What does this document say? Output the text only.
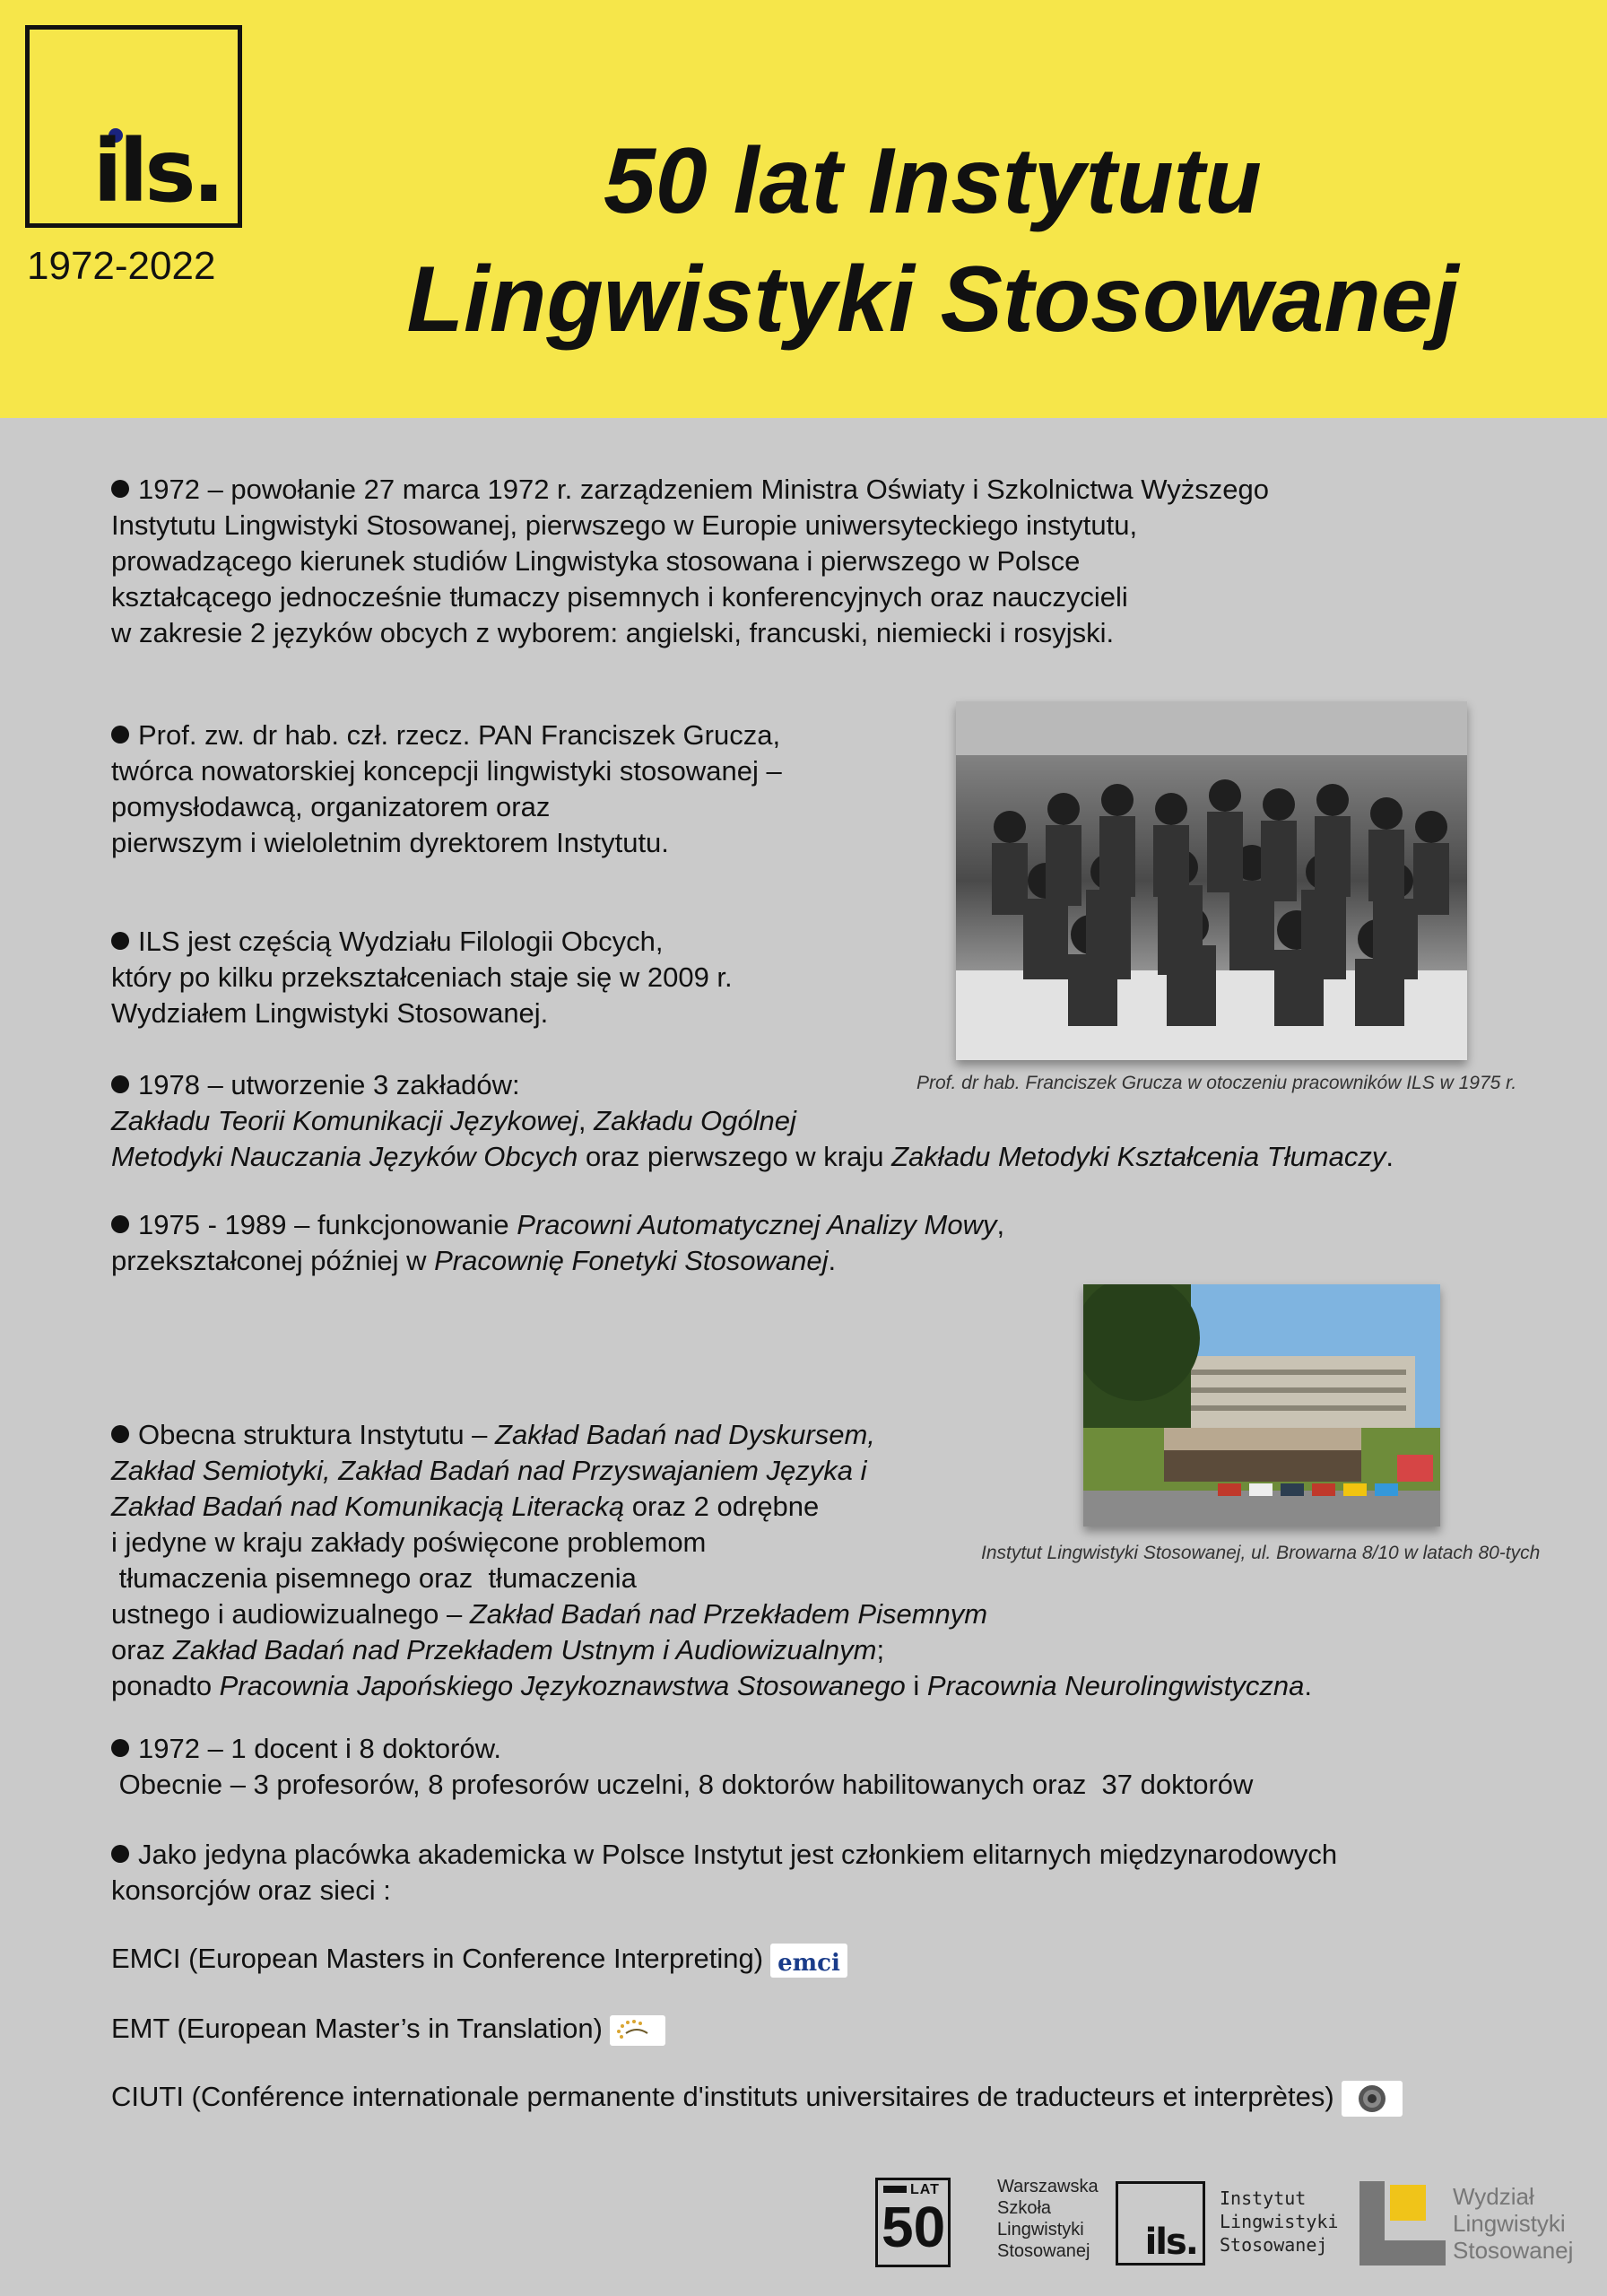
ils.
1972-2022
50 lat Instytutu
Lingwistyki Stosowanej
1972 – powołanie 27 marca 1972 r. zarządzeniem Ministra Oświaty i Szkolnictwa Wyższego
Instytutu Lingwistyki Stosowanej, pierwszego w Europie uniwersyteckiego instytutu,
prowadzącego kierunek studiów Lingwistyka stosowana i pierwszego w Polsce
kształcącego jednocześnie tłumaczy pisemnych i konferencyjnych oraz nauczycieli
w zakresie 2 języków obcych z wyborem: angielski, francuski, niemiecki i rosyjski.
Prof. zw. dr hab. czł. rzecz. PAN Franciszek Grucza,
twórca nowatorskiej koncepcji lingwistyki stosowanej –
pomysłodawcą, organizatorem oraz
pierwszym i wieloletnim dyrektorem Instytutu.
Prof. dr hab. Franciszek Grucza w otoczeniu pracowników ILS w 1975 r.
ILS jest częścią Wydziału Filologii Obcych,
który po kilku przekształceniach staje się w 2009 r.
Wydziałem Lingwistyki Stosowanej.
1978 – utworzenie 3 zakładów:
Zakładu Teorii Komunikacji Językowej, Zakładu Ogólnej
Metodyki Nauczania Języków Obcych oraz pierwszego w kraju Zakładu Metodyki Kształcenia Tłumaczy.
1975 - 1989 – funkcjonowanie Pracowni Automatycznej Analizy Mowy,
przekształconej później w Pracownię Fonetyki Stosowanej.
Instytut Lingwistyki Stosowanej, ul. Browarna 8/10 w latach 80-tych
Obecna struktura Instytutu – Zakład Badań nad Dyskursem,
Zakład Semiotyki, Zakład Badań nad Przyswajaniem Języka i
Zakład Badań nad Komunikacją Literacką oraz 2 odrębne
i jedyne w kraju zakłady poświęcone problemom
tłumaczenia pisemnego oraz  tłumaczenia
ustnego i audiowizualnego – Zakład Badań nad Przekładem Pisemnym
oraz Zakład Badań nad Przekładem Ustnym i Audiowizualnym;
ponadto Pracownia Japońskiego Językoznawstwa Stosowanego i Pracownia Neurolingwistyczna.
1972 – 1 docent i 8 doktorów.
Obecnie – 3 profesorów, 8 profesorów uczelni, 8 doktorów habilitowanych oraz  37 doktorów
Jako jedyna placówka akademicka w Polsce Instytut jest członkiem elitarnych międzynarodowych
konsorcjów oraz sieci :
EMCI (European Masters in Conference Interpreting) emci
EMT (European Master’s in Translation)
CIUTI (Conférence internationale permanente d'instituts universitaires de traducteurs et interprètes)
LAT
50
Warszawska
Szkoła
Lingwistyki
Stosowanej ils.
Instytut
Lingwistyki
Stosowanej
Wydział
Lingwistyki
Stosowanej
